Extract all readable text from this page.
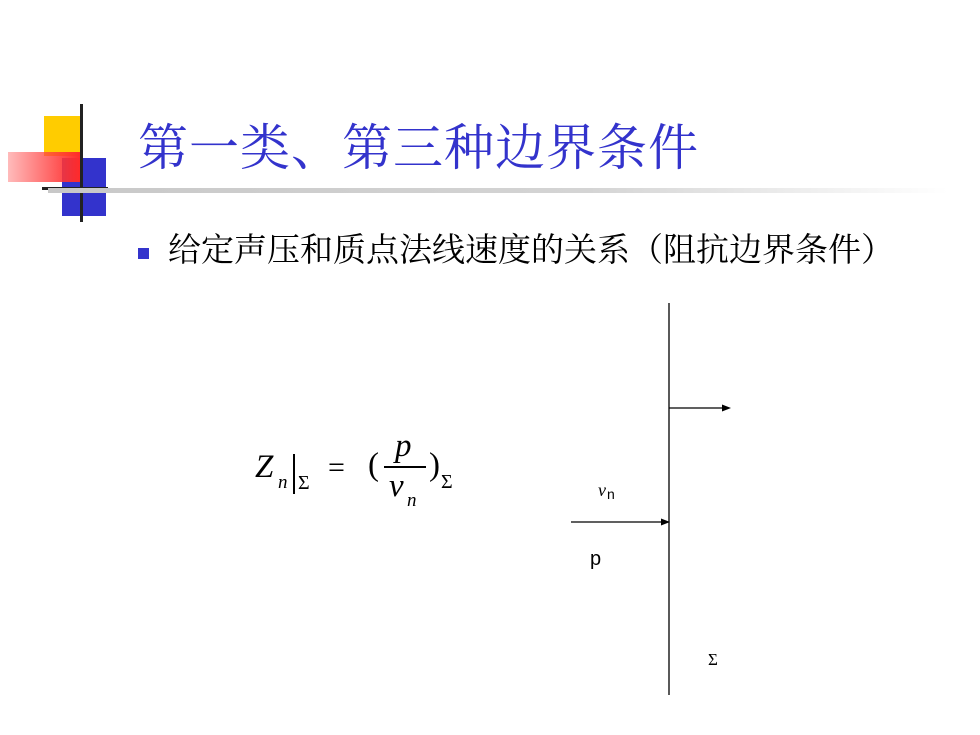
第一类、第三种边界条件
给定声压和质点法线速度的关系（阻抗边界条件）
Z n Σ = (
p
v n
) Σ	v n
p
Σ
